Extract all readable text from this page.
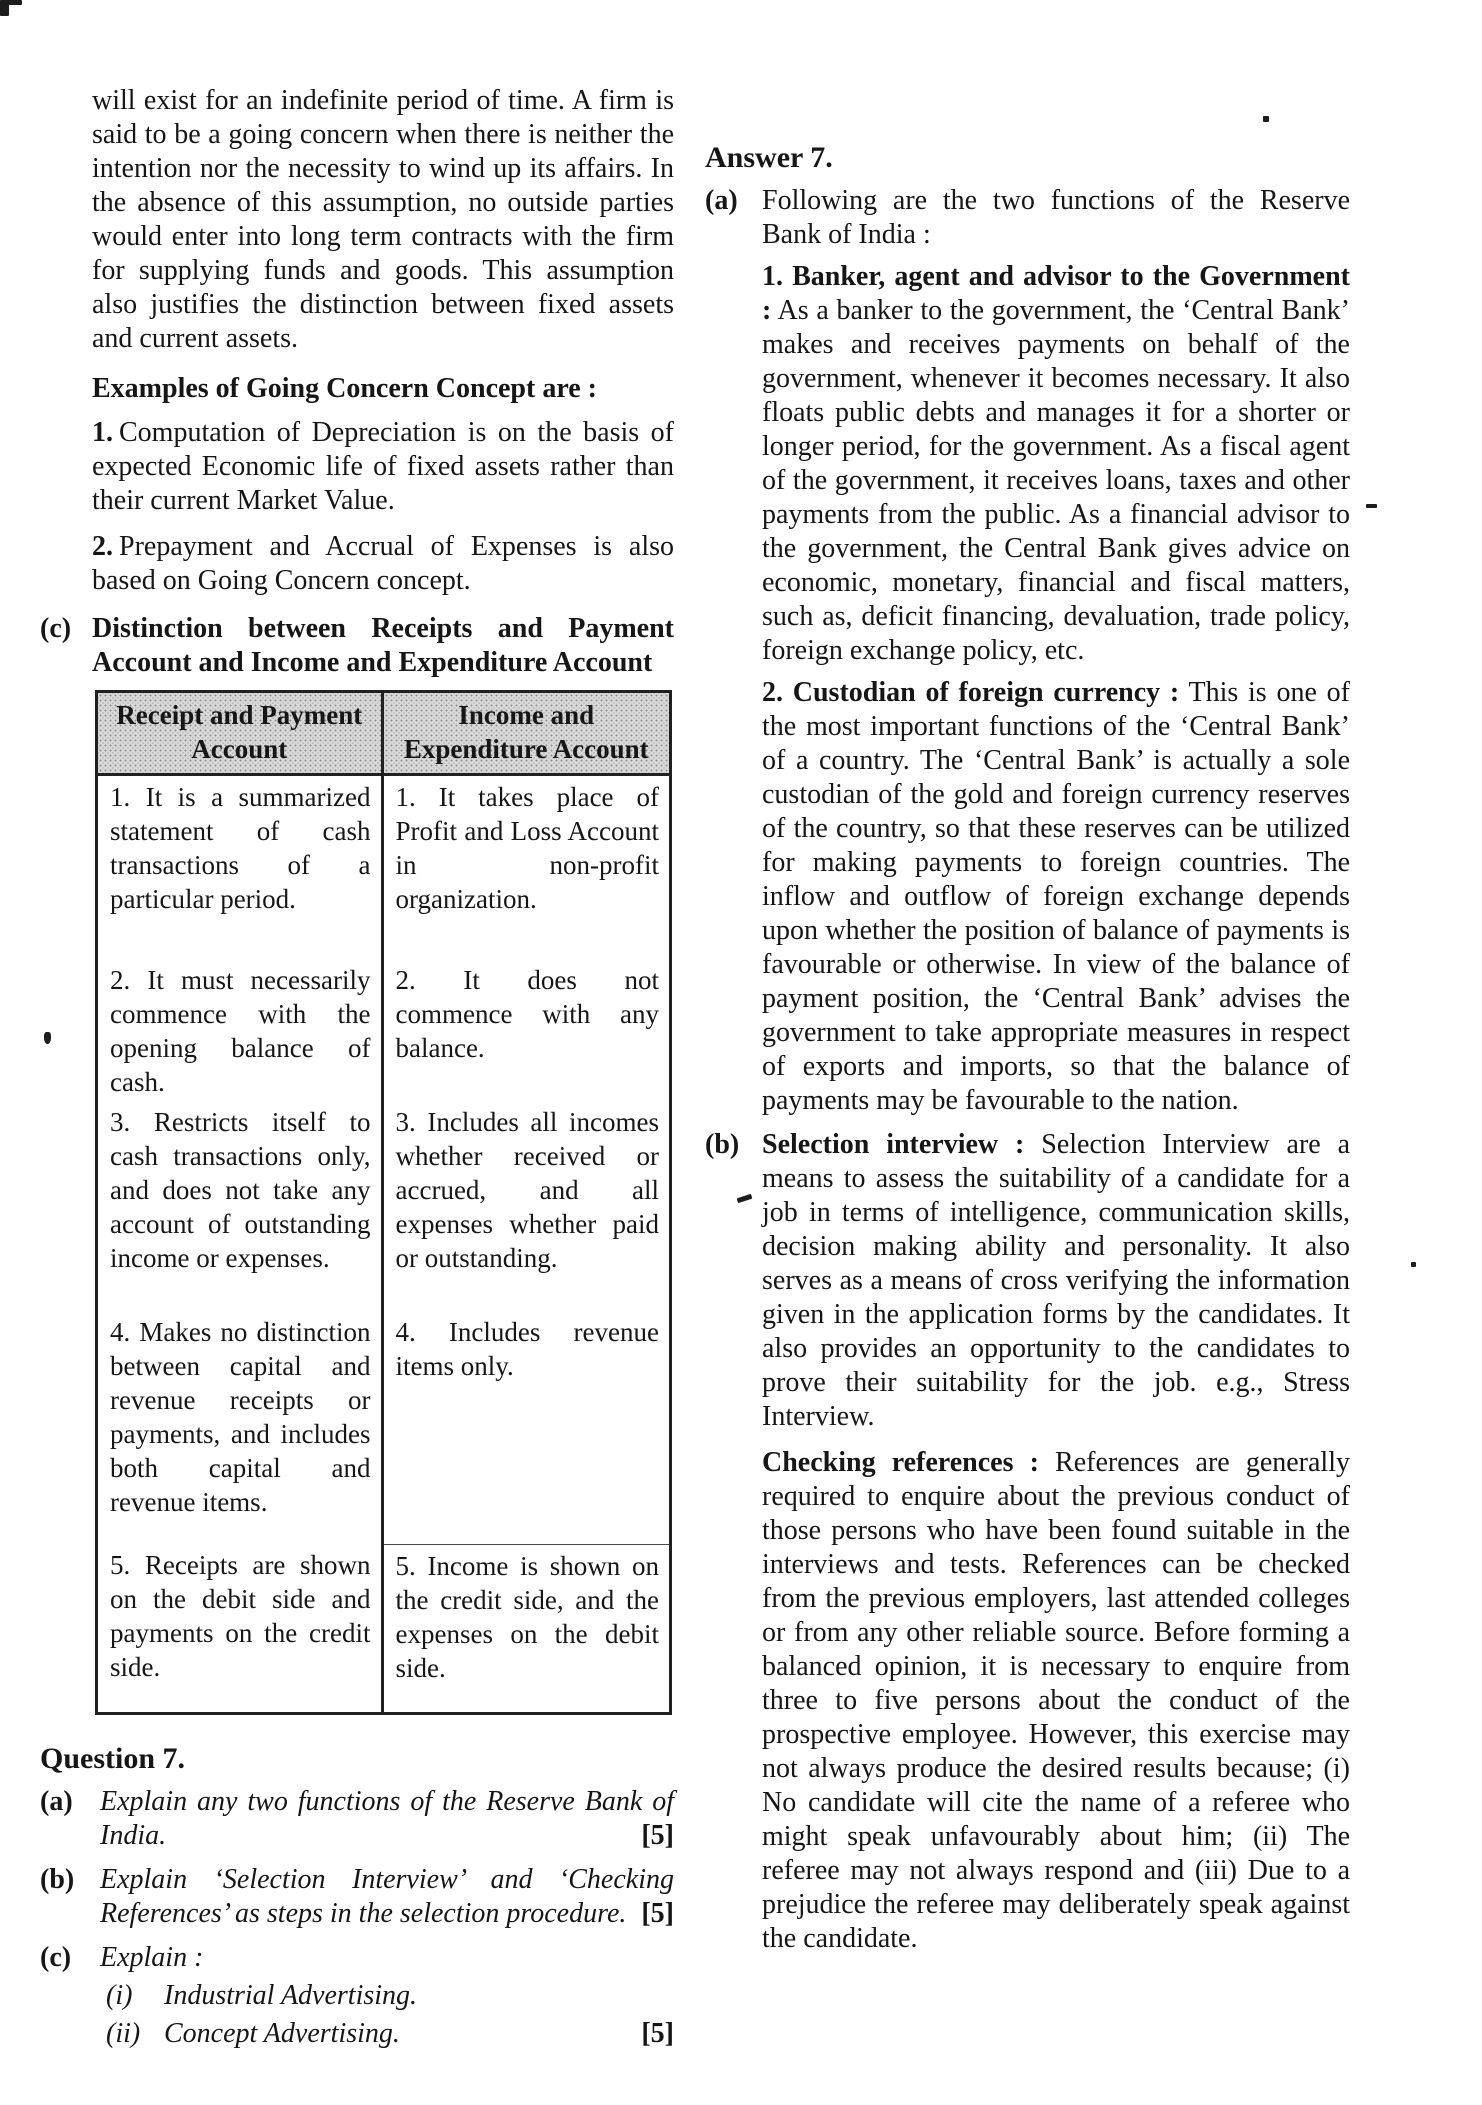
will exist for an indefinite period of time. A firm is said to be a going concern when there is neither the intention nor the necessity to wind up its affairs. In the absence of this assumption, no outside parties would enter into long term contracts with the firm for supplying funds and goods. This assumption also justifies the distinction between fixed assets and current assets.

Examples of Going Concern Concept are :

1. Computation of Depreciation is on the basis of expected Economic life of fixed assets rather than their current Market Value.

2. Prepayment and Accrual of Expenses is also based on Going Concern concept.

(c) Distinction between Receipts and Payment Account and Income and Expenditure Account

Receipt and Payment Account
Income and Expenditure Account
1. It is a summarized statement of cash transactions of a particular period.
1. It takes place of Profit and Loss Account in non-profit organization.
2. It must necessarily commence with the opening balance of cash.
2. It does not commence with any balance.
3. Restricts itself to cash transactions only, and does not take any account of outstanding income or expenses.
3. Includes all incomes whether received or accrued, and all expenses whether paid or outstanding.
4. Makes no distinction between capital and revenue receipts or payments, and includes both capital and revenue items.
4. Includes revenue items only.
5. Receipts are shown on the debit side and payments on the credit side.
5. Income is shown on the credit side, and the expenses on the debit side.

Question 7.

(a) Explain any two functions of the Reserve Bank of India.	[5]
(b) Explain ‘Selection Interview’ and ‘Checking References’ as steps in the selection procedure. [5]
(c) Explain :
(i) Industrial Advertising.
(ii) Concept Advertising.	[5]

Answer 7.

(a) Following are the two functions of the Reserve Bank of India :

1. Banker, agent and advisor to the Government : As a banker to the government, the ‘Central Bank’ makes and receives payments on behalf of the government, whenever it becomes necessary. It also floats public debts and manages it for a shorter or longer period, for the government. As a fiscal agent of the government, it receives loans, taxes and other payments from the public. As a financial advisor to the government, the Central Bank gives advice on economic, monetary, financial and fiscal matters, such as, deficit financing, devaluation, trade policy, foreign exchange policy, etc.

2. Custodian of foreign currency : This is one of the most important functions of the ‘Central Bank’ of a country. The ‘Central Bank’ is actually a sole custodian of the gold and foreign currency reserves of the country, so that these reserves can be utilized for making payments to foreign countries. The inflow and outflow of foreign exchange depends upon whether the position of balance of payments is favourable or otherwise. In view of the balance of payment position, the ‘Central Bank’ advises the government to take appropriate measures in respect of exports and imports, so that the balance of payments may be favourable to the nation.

(b) Selection interview : Selection Interview are a means to assess the suitability of a candidate for a job in terms of intelligence, communication skills, decision making ability and personality. It also serves as a means of cross verifying the information given in the application forms by the candidates. It also provides an opportunity to the candidates to prove their suitability for the job. e.g., Stress Interview.

Checking references : References are generally required to enquire about the previous conduct of those persons who have been found suitable in the interviews and tests. References can be checked from the previous employers, last attended colleges or from any other reliable source. Before forming a balanced opinion, it is necessary to enquire from three to five persons about the conduct of the prospective employee. However, this exercise may not always produce the desired results because; (i) No candidate will cite the name of a referee who might speak unfavourably about him; (ii) The referee may not always respond and (iii) Due to a prejudice the referee may deliberately speak against the candidate.
